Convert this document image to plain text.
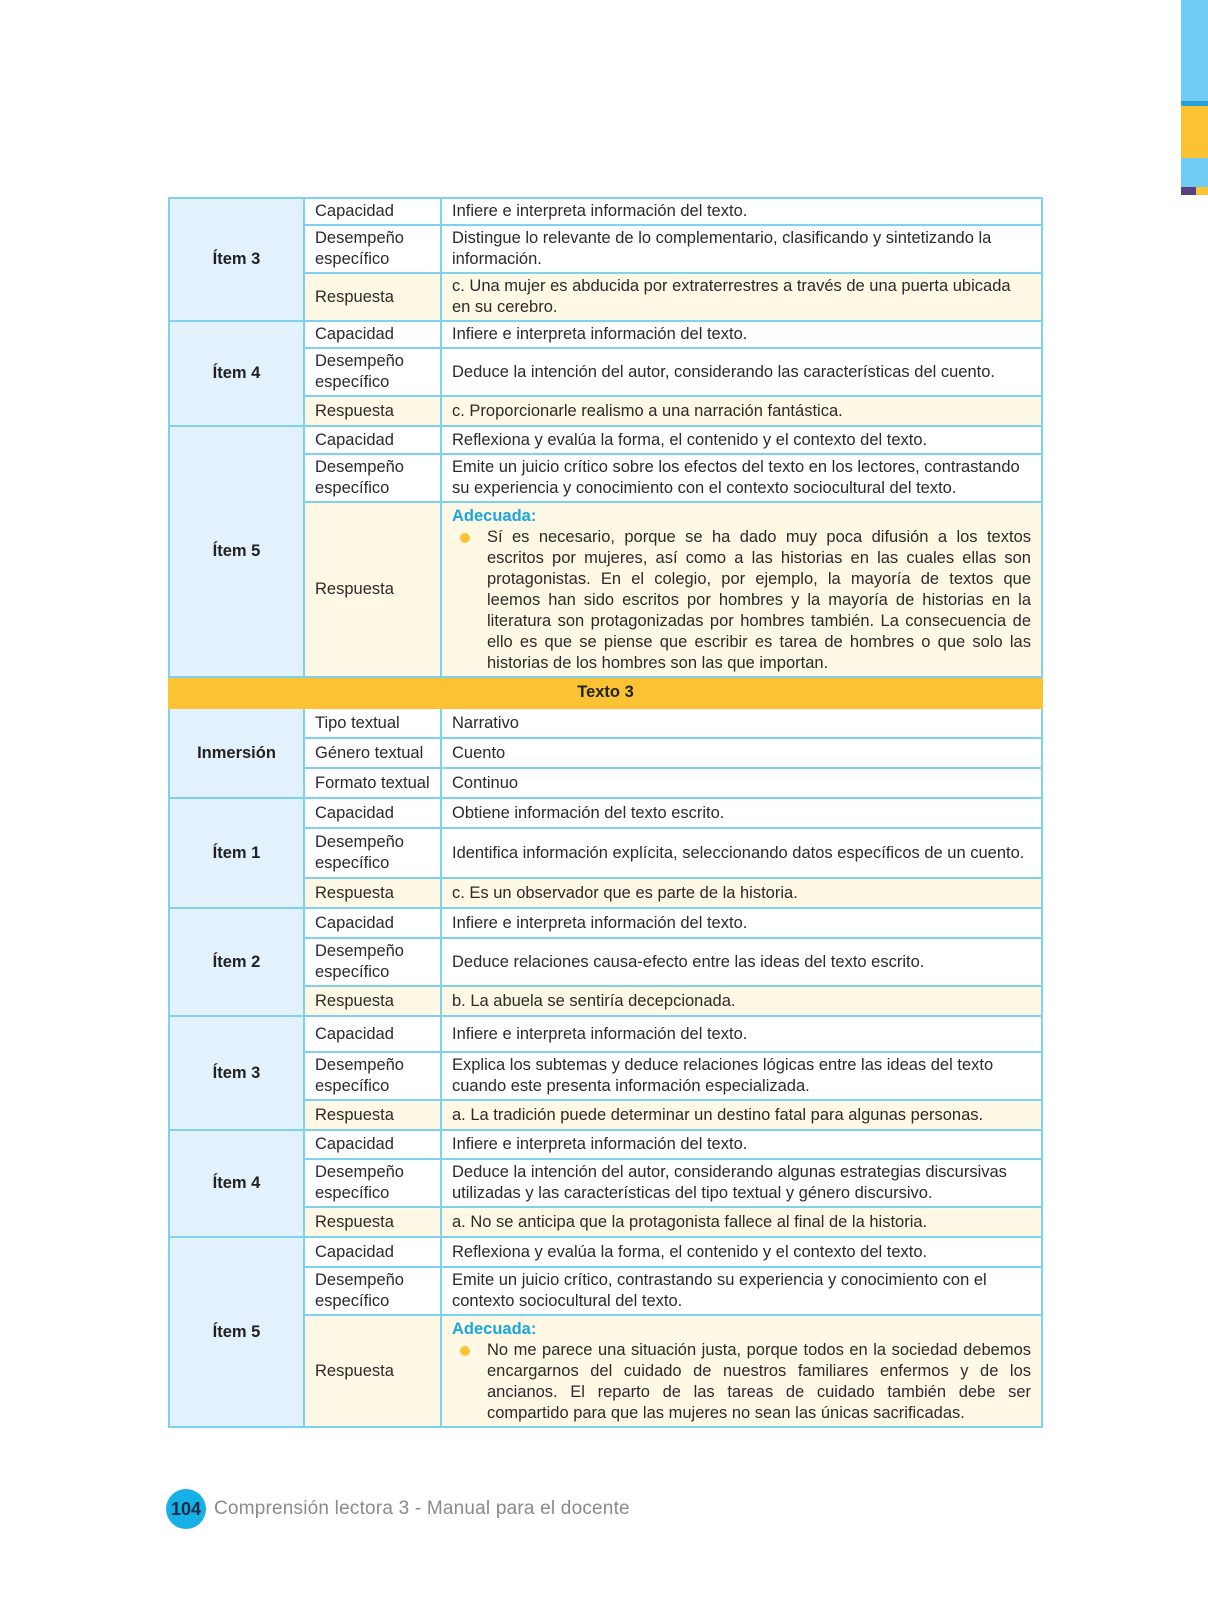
Ítem 3	Capacidad	Infiere e interpreta información del texto.
	Desempeño específico	Distingue lo relevante de lo complementario, clasificando y sintetizando la información.
	Respuesta	c. Una mujer es abducida por extraterrestres a través de una puerta ubicada en su cerebro.
Ítem 4	Capacidad	Infiere e interpreta información del texto.
	Desempeño específico	Deduce la intención del autor, considerando las características del cuento.
	Respuesta	c. Proporcionarle realismo a una narración fantástica.
Ítem 5	Capacidad	Reflexiona y evalúa la forma, el contenido y el contexto del texto.
	Desempeño específico	Emite un juicio crítico sobre los efectos del texto en los lectores, contrastando su experiencia y conocimiento con el contexto sociocultural del texto.
	Respuesta	Adecuada:
Sí es necesario, porque se ha dado muy poca difusión a los textos escritos por mujeres, así como a las historias en las cuales ellas son protagonistas. En el colegio, por ejemplo, la mayoría de textos que leemos han sido escritos por hombres y la mayoría de historias en la literatura son protagonizadas por hombres también. La consecuencia de ello es que se piense que escribir es tarea de hombres o que solo las historias de los hombres son las que importan.

Texto 3		
Inmersión	Tipo textual	Narrativo
	Género textual	Cuento
	Formato textual	Continuo
Ítem 1	Capacidad	Obtiene información del texto escrito.
	Desempeño específico	Identifica información explícita, seleccionando datos específicos de un cuento.
	Respuesta	c. Es un observador que es parte de la historia.
Ítem 2	Capacidad	Infiere e interpreta información del texto.
	Desempeño específico	Deduce relaciones causa-efecto entre las ideas del texto escrito.
	Respuesta	b. La abuela se sentiría decepcionada.
Ítem 3	Capacidad	Infiere e interpreta información del texto.
	Desempeño específico	Explica los subtemas y deduce relaciones lógicas entre las ideas del texto cuando este presenta información especializada.
	Respuesta	a. La tradición puede determinar un destino fatal para algunas personas.
Ítem 4	Capacidad	Infiere e interpreta información del texto.
	Desempeño específico	Deduce la intención del autor, considerando algunas estrategias discursivas utilizadas y las características del tipo textual y género discursivo.
	Respuesta	a. No se anticipa que la protagonista fallece al final de la historia.
Ítem 5	Capacidad	Reflexiona y evalúa la forma, el contenido y el contexto del texto.
	Desempeño específico	Emite un juicio crítico, contrastando su experiencia y conocimiento con el contexto sociocultural del texto.
	Respuesta	Adecuada:
No me parece una situación justa, porque todos en la sociedad debemos encargarnos del cuidado de nuestros familiares enfermos y de los ancianos. El reparto de las tareas de cuidado también debe ser compartido para que las mujeres no sean las únicas sacrificadas.
104 Comprensión lectora 3 - Manual para el docente
